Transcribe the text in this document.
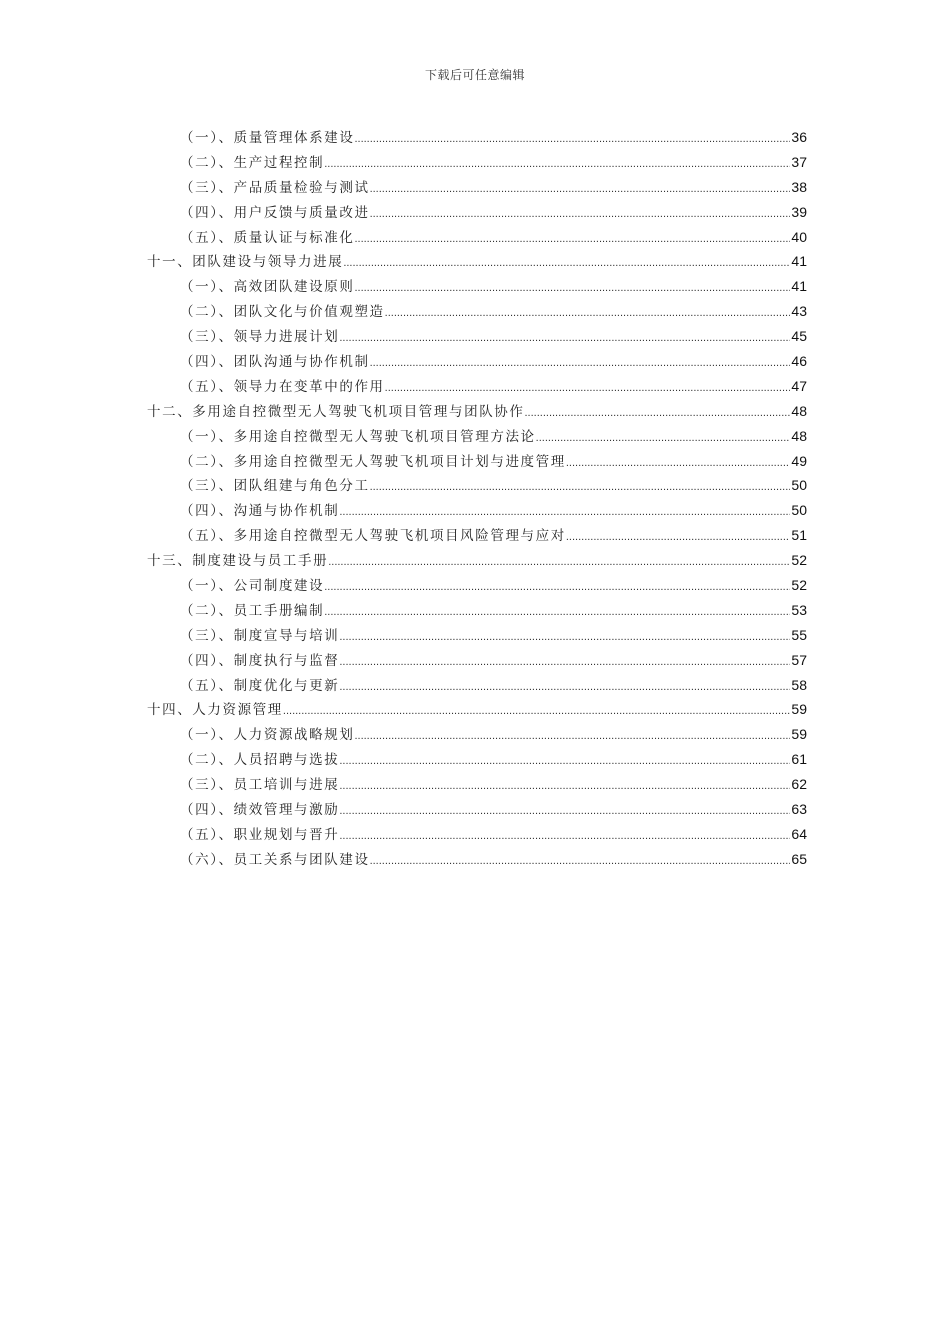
下载后可任意编辑
（一）、质量管理体系建设 .....	36
（二）、生产过程控制 .....	37
（三）、产品质量检验与测试 .....	38
（四）、用户反馈与质量改进 .....	39
（五）、质量认证与标准化 .....	40
十一、团队建设与领导力进展 .....	41
（一）、高效团队建设原则 .....	41
（二）、团队文化与价值观塑造 .....	43
（三）、领导力进展计划 .....	45
（四）、团队沟通与协作机制 .....	46
（五）、领导力在变革中的作用 .....	47
十二、多用途自控微型无人驾驶飞机项目管理与团队协作 .....	48
（一）、多用途自控微型无人驾驶飞机项目管理方法论 .....	48
（二）、多用途自控微型无人驾驶飞机项目计划与进度管理 .....	49
（三）、团队组建与角色分工 .....	50
（四）、沟通与协作机制 .....	50
（五）、多用途自控微型无人驾驶飞机项目风险管理与应对 .....	51
十三、制度建设与员工手册 .....	52
（一）、公司制度建设 .....	52
（二）、员工手册编制 .....	53
（三）、制度宣导与培训 .....	55
（四）、制度执行与监督 .....	57
（五）、制度优化与更新 .....	58
十四、人力资源管理 .....	59
（一）、人力资源战略规划 .....	59
（二）、人员招聘与选拔 .....	61
（三）、员工培训与进展 .....	62
（四）、绩效管理与激励 .....	63
（五）、职业规划与晋升 .....	64
（六）、员工关系与团队建设 .....	65
